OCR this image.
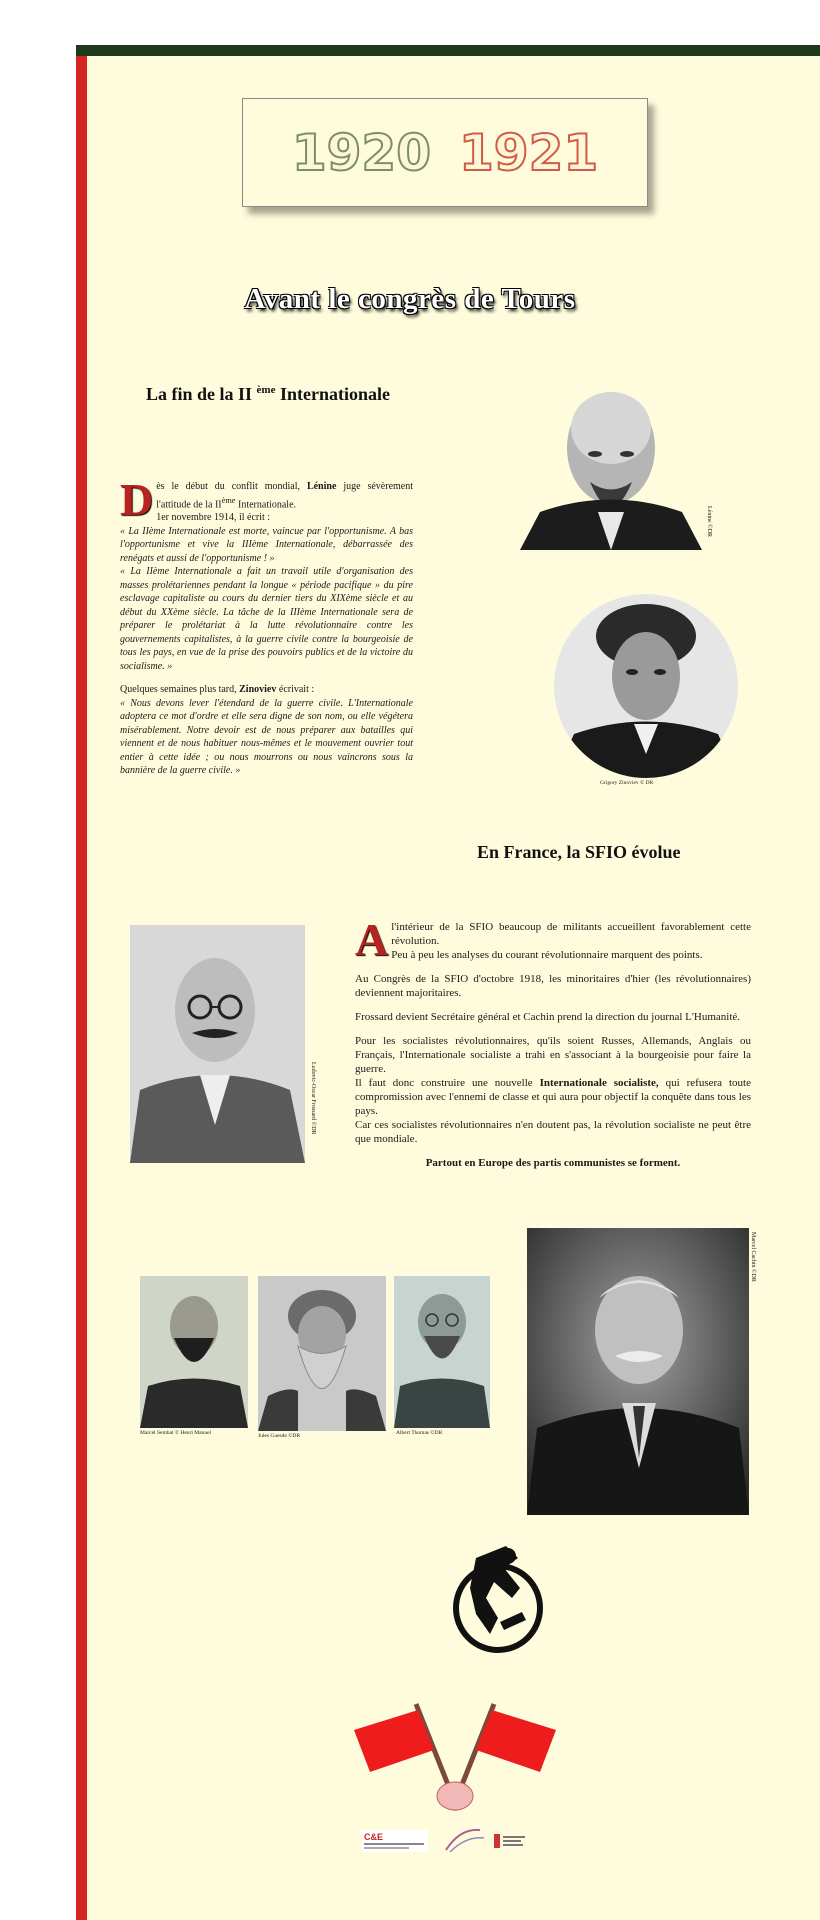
1920 1921
Avant le congrès de Tours
La fin de la II $^{ème}$ Internationale
Lénine ©DR

Dès le début du conflit mondial, Lénine juge sévèrement l'attitude de la IIème Internationale.

1er novembre 1914, il écrit :

« La IIème Internationale est morte, vaincue par l'opportunisme. A bas l'opportunisme et vive la IIIème Internationale, débarrassée des renégats et aussi de l'opportunisme ! »

« La IIème Internationale a fait un travail utile d'organisation des masses prolétariennes pendant la longue « période pacifique » du pire esclavage capitaliste au cours du dernier tiers du XIXème siècle et au début du XXème siècle. La tâche de la IIIème Internationale sera de préparer le prolétariat à la lutte révolutionnaire contre les gouvernements capitalistes, à la guerre civile contre la bourgeoisie de tous les pays, en vue de la prise des pouvoirs publics et de la victoire du socialisme. »

Quelques semaines plus tard, Zinoviev écrivait :

« Nous devons lever l'étendard de la guerre civile. L'Internationale adoptera ce mot d'ordre et elle sera digne de son nom, ou elle végétera misérablement. Notre devoir est de nous préparer aux batailles qui viennent et de nous habituer nous-mêmes et le mouvement ouvrier tout entier à cette idée ; ou nous mourrons ou nous vaincrons sous la bannière de la guerre civile. »

Grigory Zinoviev © DR
En France, la SFIO évolue
Ludovic-Oscar Frossard ©DR

Al'intérieur de la SFIO beaucoup de militants accueillent favorablement cette révolution.

Peu à peu les analyses du courant révolutionnaire marquent des points.

Au Congrès de la SFIO d'octobre 1918, les minoritaires d'hier (les révolutionnaires) deviennent majoritaires.

Frossard devient Secrétaire général et Cachin prend la direction du journal L'Humanité.

Pour les socialistes révolutionnaires, qu'ils soient Russes, Allemands, Anglais ou Français, l'Internationale socialiste a trahi en s'associant à la bourgeoisie pour faire la guerre.

Il faut donc construire une nouvelle Internationale socialiste, qui refusera toute compromission avec l'ennemi de classe et qui aura pour objectif la conquête dans tous les pays.

Car ces socialistes révolutionnaires n'en doutent pas, la révolution socialiste ne peut être que mondiale.

Partout en Europe des partis communistes se forment.

Marcel Sembat © Henri Manuel	Jules Guesde ©DR	Albert Thomas ©DR
Marcel Cachin ©DR
C&E
